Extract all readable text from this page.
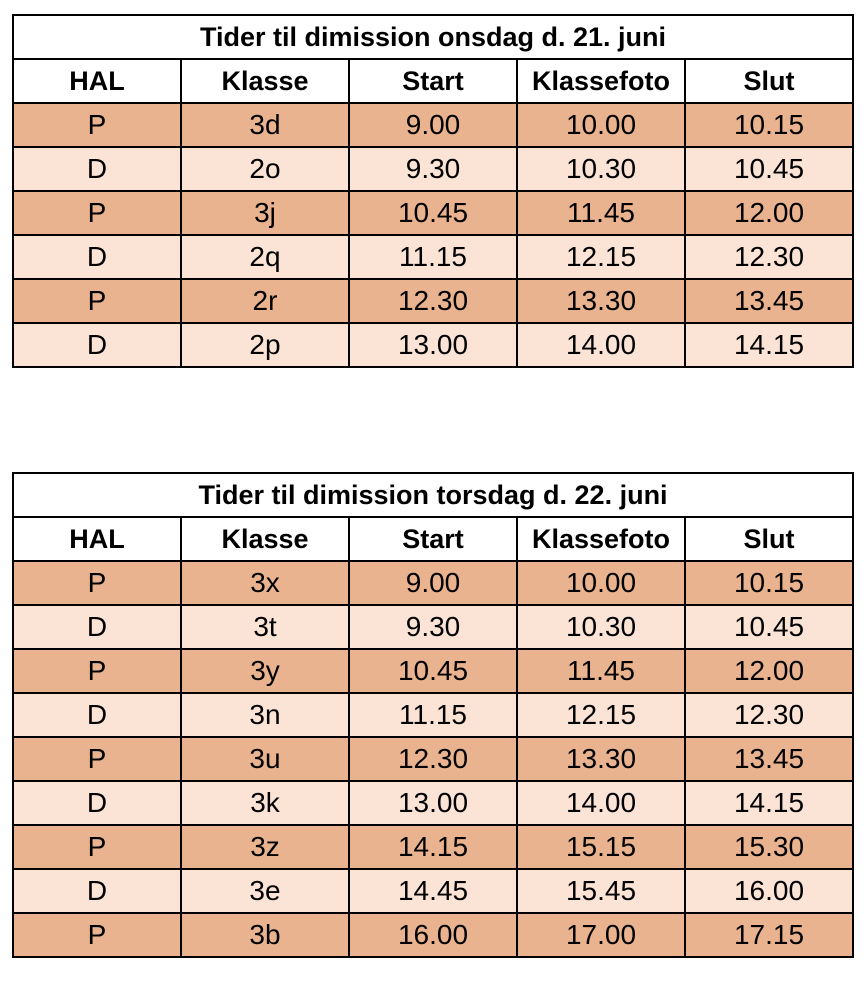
Tider til dimission onsdag d. 21. juni				
HAL	Klasse	Start	Klassefoto	Slut
P	3d	9.00	10.00	10.15
D	2o	9.30	10.30	10.45
P	3j	10.45	11.45	12.00
D	2q	11.15	12.15	12.30
P	2r	12.30	13.30	13.45
D	2p	13.00	14.00	14.15
Tider til dimission torsdag d. 22. juni				
HAL	Klasse	Start	Klassefoto	Slut
P	3x	9.00	10.00	10.15
D	3t	9.30	10.30	10.45
P	3y	10.45	11.45	12.00
D	3n	11.15	12.15	12.30
P	3u	12.30	13.30	13.45
D	3k	13.00	14.00	14.15
P	3z	14.15	15.15	15.30
D	3e	14.45	15.45	16.00
P	3b	16.00	17.00	17.15
